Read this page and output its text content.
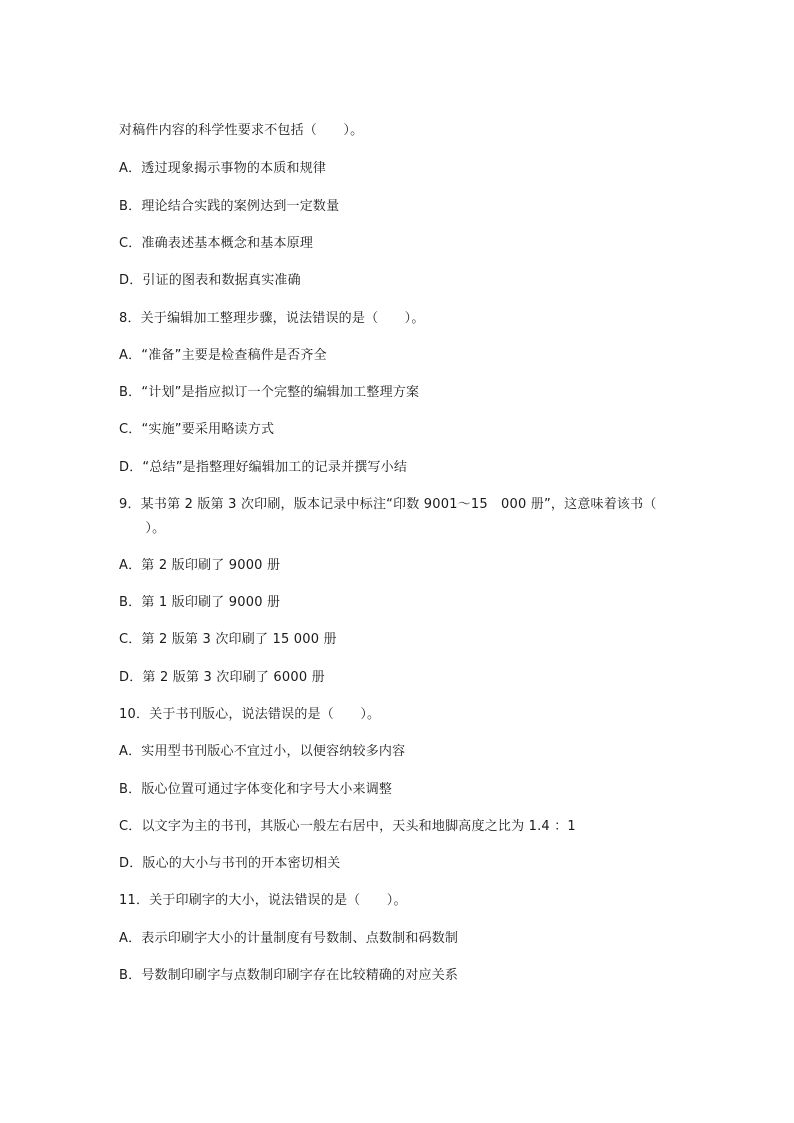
对稿件内容的科学性要求不包括（　　）。
A．透过现象揭示事物的本质和规律
B．理论结合实践的案例达到一定数量
C．准确表述基本概念和基本原理
D．引证的图表和数据真实准确
8．关于编辑加工整理步骤，说法错误的是（　　）。
A．“准备”主要是检查稿件是否齐全
B．“计划”是指应拟订一个完整的编辑加工整理方案
C．“实施”要采用略读方式
D．“总结”是指整理好编辑加工的记录并撰写小结
9．某书第 2 版第 3 次印刷，版本记录中标注“印数 9001～15　000 册”，这意味着该书（
　　）。
A．第 2 版印刷了 9000 册
B．第 1 版印刷了 9000 册
C．第 2 版第 3 次印刷了 15 000 册
D．第 2 版第 3 次印刷了 6000 册
10．关于书刊版心，说法错误的是（　　）。
A．实用型书刊版心不宜过小，以便容纳较多内容
B．版心位置可通过字体变化和字号大小来调整
C．以文字为主的书刊，其版心一般左右居中，天头和地脚高度之比为 1.4 ：1
D．版心的大小与书刊的开本密切相关
11．关于印刷字的大小，说法错误的是（　　）。
A．表示印刷字大小的计量制度有号数制、点数制和码数制
B．号数制印刷字与点数制印刷字存在比较精确的对应关系
